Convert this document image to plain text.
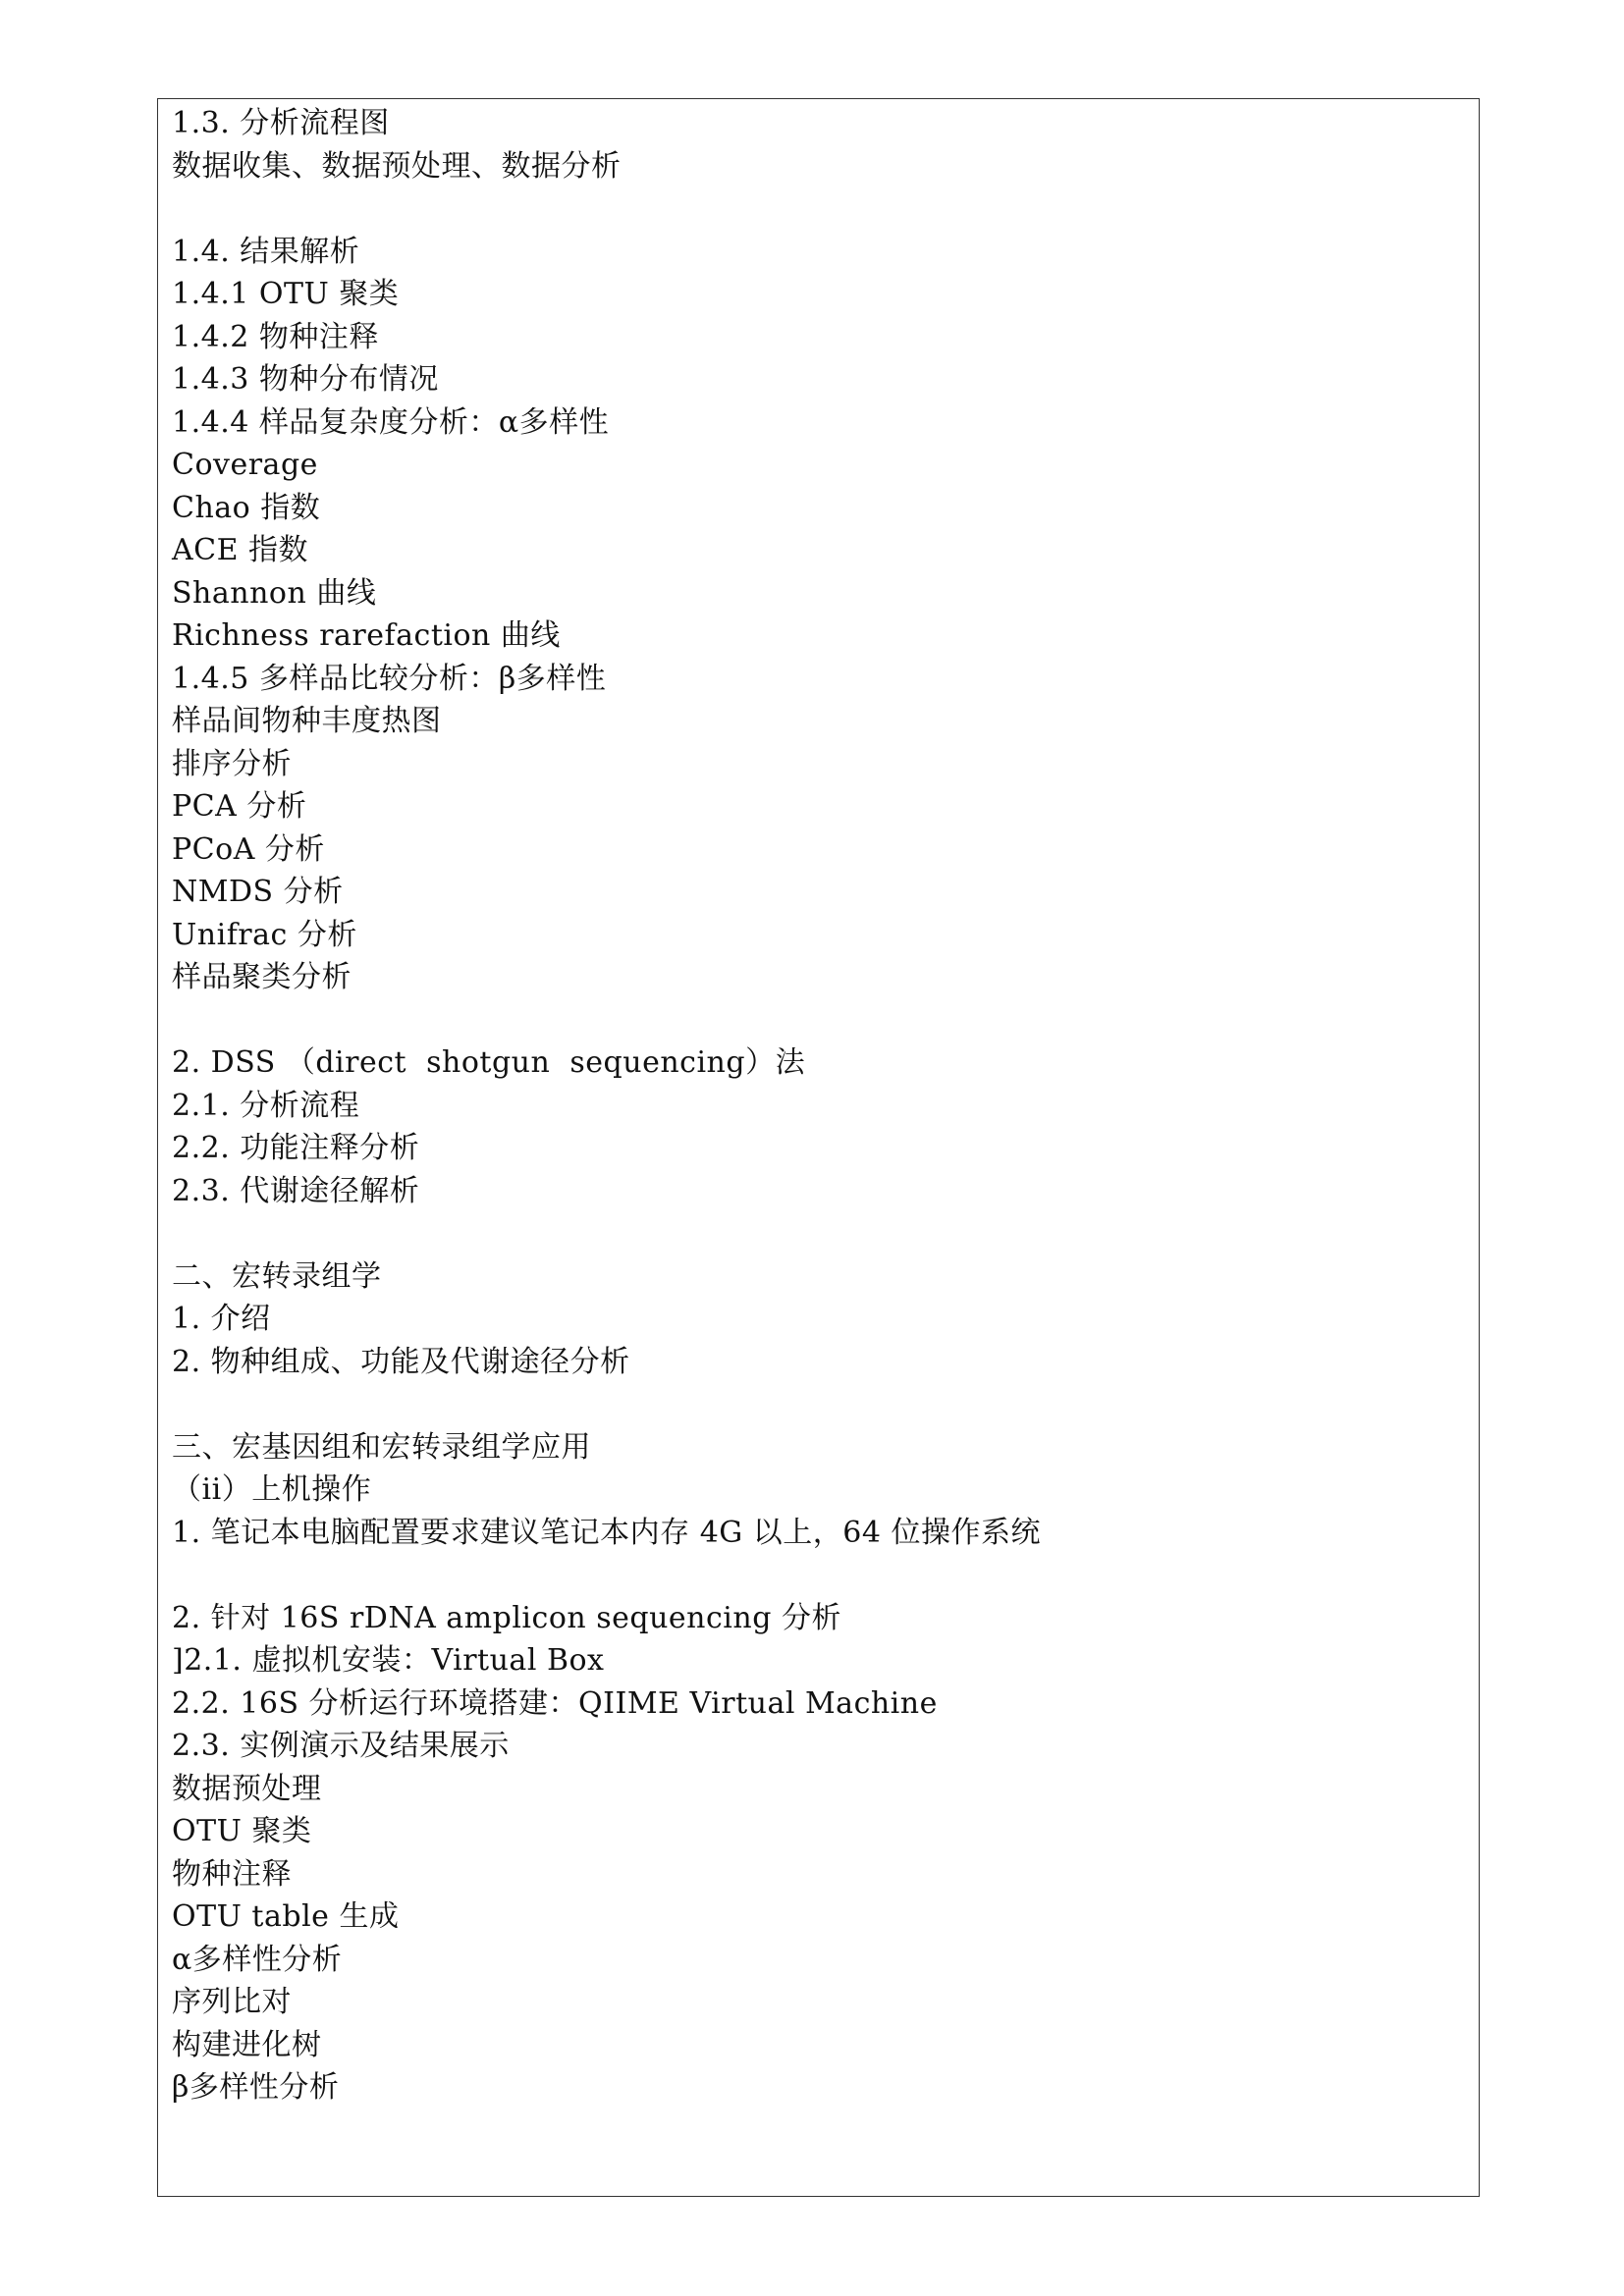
1.3. 分析流程图
数据收集、数据预处理、数据分析
1.4. 结果解析
1.4.1 OTU 聚类
1.4.2 物种注释
1.4.3 物种分布情况
1.4.4 样品复杂度分析：α多样性
Coverage
Chao 指数
ACE 指数
Shannon 曲线
Richness rarefaction 曲线
1.4.5 多样品比较分析：β多样性
样品间物种丰度热图
排序分析
PCA 分析
PCoA 分析
NMDS 分析
Unifrac 分析
样品聚类分析
2. DSS （direct  shotgun  sequencing）法
2.1. 分析流程
2.2. 功能注释分析
2.3. 代谢途径解析
二、宏转录组学
1. 介绍
2. 物种组成、功能及代谢途径分析
三、宏基因组和宏转录组学应用
（ii）上机操作
1. 笔记本电脑配置要求建议笔记本内存 4G 以上，64 位操作系统
2. 针对 16S rDNA amplicon sequencing 分析
]2.1. 虚拟机安装：Virtual Box
2.2. 16S 分析运行环境搭建：QIIME Virtual Machine
2.3. 实例演示及结果展示
数据预处理
OTU 聚类
物种注释
OTU table 生成
α多样性分析
序列比对
构建进化树
β多样性分析
